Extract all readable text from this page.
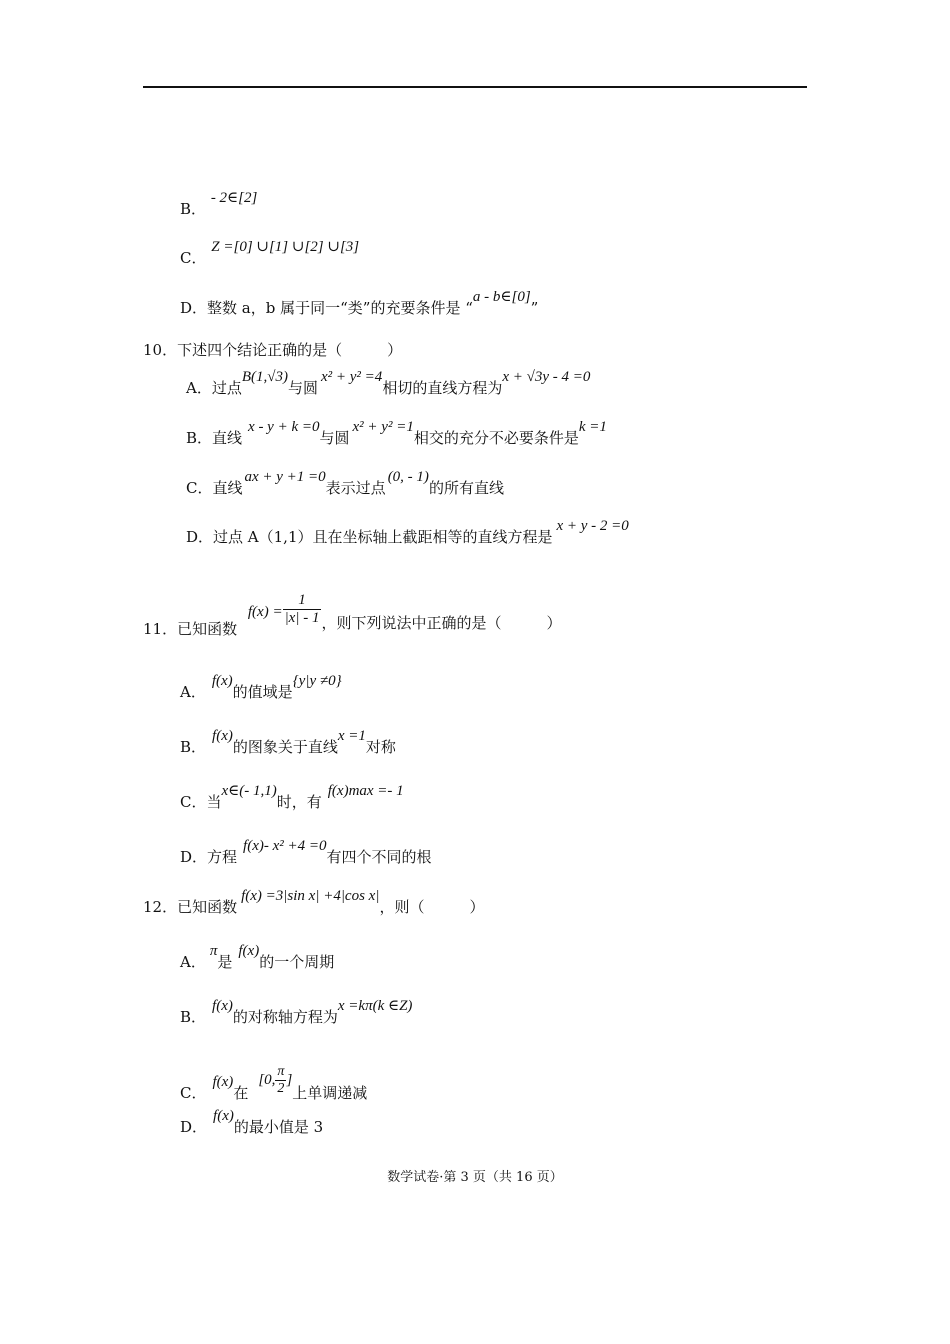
B． - 2∈[2]
C． Z =[0] ∪[1] ∪[2] ∪[3]
D．整数 a，b 属于同一“类”的充要条件是 “a - b∈[0]”
10．下述四个结论正确的是（　　　）
A．过点B(1,√3)与圆x² + y² =4相切的直线方程为x + √3y - 4 =0
B．直线x - y + k =0与圆x² + y² =1相交的充分不必要条件是k =1
C．直线ax + y +1 =0表示过点(0, - 1)的所有直线
D．过点 A（1,1）且在坐标轴上截距相等的直线方程是x + y - 2 =0
11．已知函数 $f(x) = \frac{1}{|x| - 1}$ ，则下列说法中正确的是（　　　）
A．f(x)的值域是{y|y ≠0}
B．f(x)的图象关于直线x =1对称
C．当x∈(- 1,1)时，有f(x)max =- 1
D．方程f(x)- x² +4 =0有四个不同的根
12．已知函数f(x) =3|sin x| +4|cos x|，则（　　　）
A．π是f(x)的一个周期
B．f(x)的对称轴方程为x =kπ(k ∈Z)
C．f(x)在[0, $\frac{\pi}{2}$ ]上单调递减
D．f(x)的最小值是 3
数学试卷·第 3 页（共 16 页）
